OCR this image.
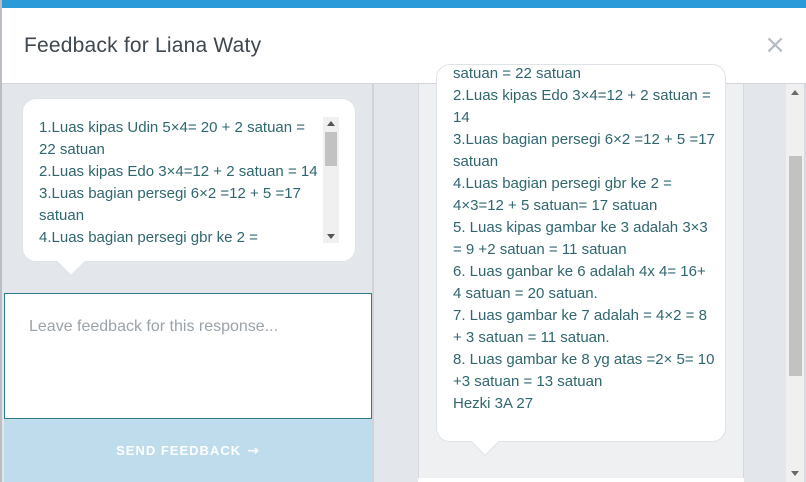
Feedback for Liana Waty	×

1.Luas kipas Udin 5×4= 20 + 2 satuan = 22 satuan

2.Luas kipas Edo 3×4=12 + 2 satuan = 14

3.Luas bagian persegi 6×2 =12 + 5 =17 satuan

4.Luas bagian persegi gbr ke 2 =

Leave feedback for this response...
SEND FEEDBACK →

satuan = 22 satuan

2.Luas kipas Edo 3×4=12 + 2 satuan = 14

3.Luas bagian persegi 6×2 =12 + 5 =17 satuan

4.Luas bagian persegi gbr ke 2 = 4×3=12 + 5 satuan= 17 satuan

5. Luas kipas gambar ke 3 adalah 3×3 = 9 +2 satuan = 11 satuan

6. Luas ganbar ke 6 adalah 4x 4= 16+ 4 satuan = 20 satuan.

7. Luas gambar ke 7 adalah = 4×2 = 8 + 3 satuan = 11 satuan.

8. Luas gambar ke 8 yg atas =2× 5= 10 +3 satuan = 13 satuan

Hezki 3A 27
